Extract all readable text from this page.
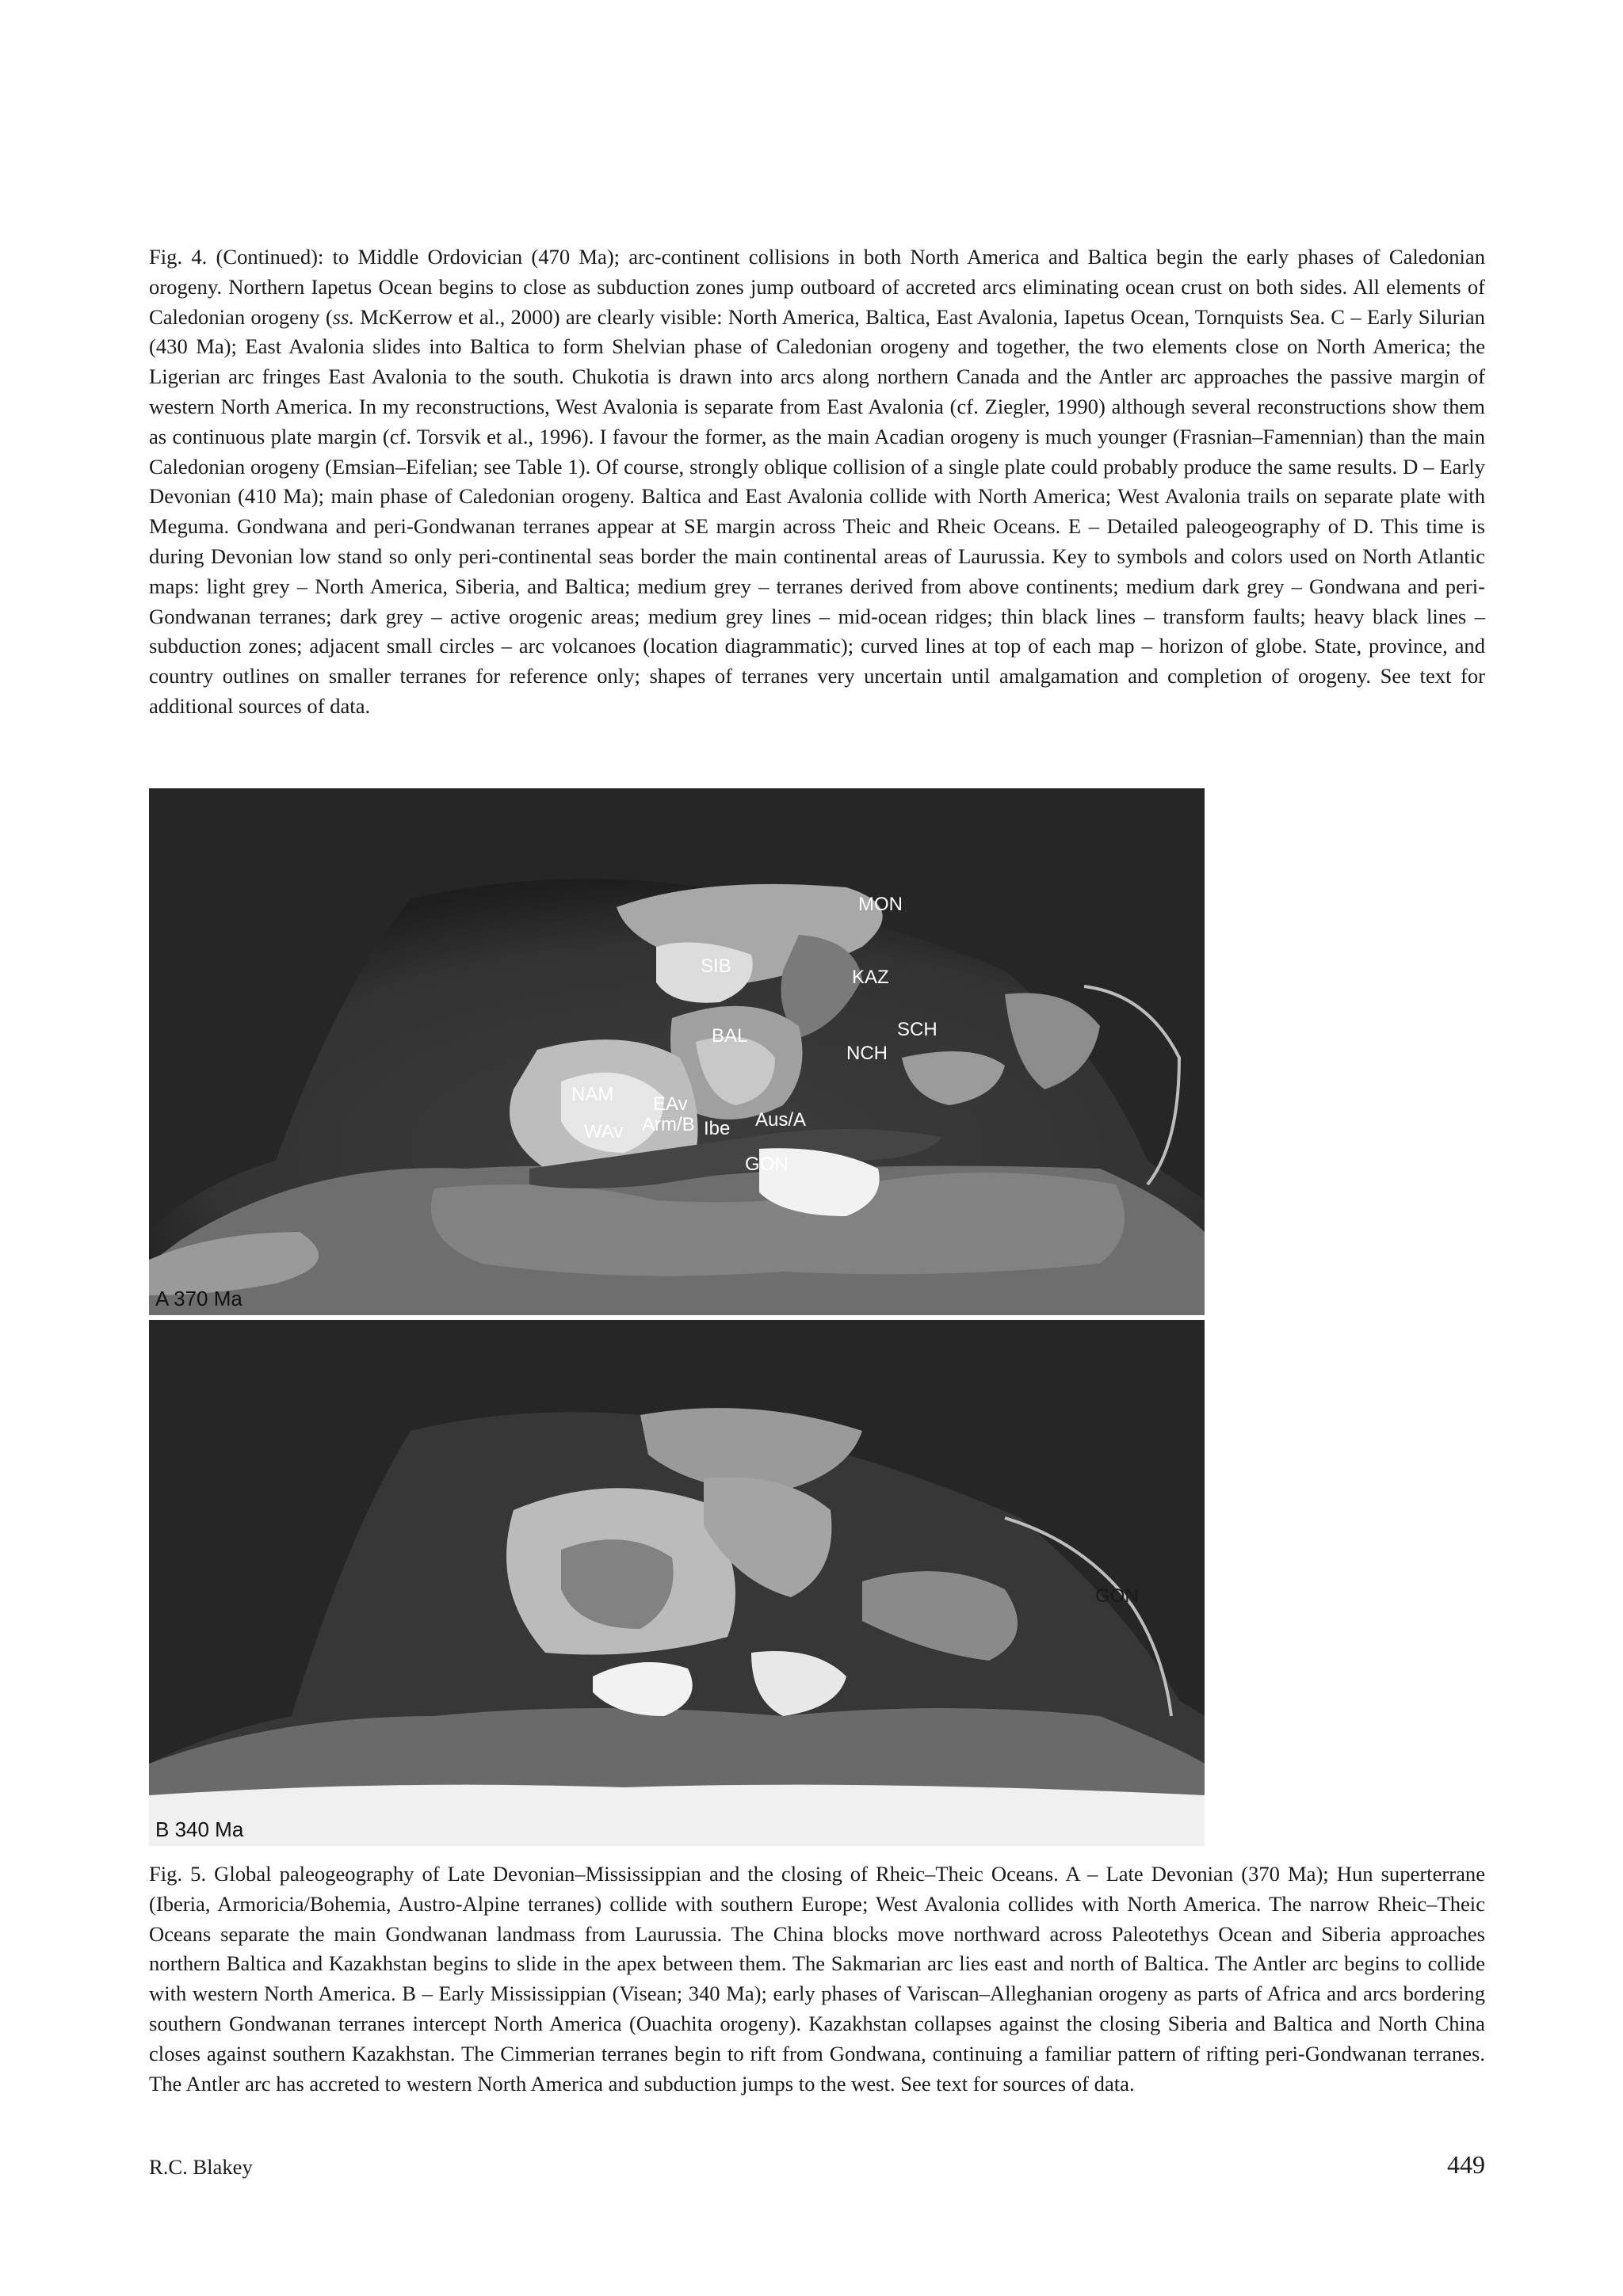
Fig. 4. (Continued): to Middle Ordovician (470 Ma); arc-continent collisions in both North America and Baltica begin the early phases of Caledonian orogeny. Northern Iapetus Ocean begins to close as subduction zones jump outboard of accreted arcs eliminating ocean crust on both sides. All elements of Caledonian orogeny (ss. McKerrow et al., 2000) are clearly visible: North America, Baltica, East Avalonia, Iapetus Ocean, Tornquists Sea. C – Early Silurian (430 Ma); East Avalonia slides into Baltica to form Shelvian phase of Caledonian orogeny and together, the two elements close on North America; the Ligerian arc fringes East Avalonia to the south. Chukotia is drawn into arcs along northern Canada and the Antler arc approaches the passive margin of western North America. In my reconstructions, West Avalonia is separate from East Avalonia (cf. Ziegler, 1990) although several reconstructions show them as continuous plate margin (cf. Torsvik et al., 1996). I favour the former, as the main Acadian orogeny is much younger (Frasnian–Famennian) than the main Caledonian orogeny (Emsian–Eifelian; see Table 1). Of course, strongly oblique collision of a single plate could probably produce the same results. D – Early Devonian (410 Ma); main phase of Caledonian orogeny. Baltica and East Avalonia collide with North America; West Avalonia trails on separate plate with Meguma. Gondwana and peri-Gondwanan terranes appear at SE margin across Theic and Rheic Oceans. E – Detailed paleogeography of D. This time is during Devonian low stand so only peri-continental seas border the main continental areas of Laurussia. Key to symbols and colors used on North Atlantic maps: light grey – North America, Siberia, and Baltica; medium grey – terranes derived from above continents; medium dark grey – Gondwana and peri-Gondwanan terranes; dark grey – active orogenic areas; medium grey lines – mid-ocean ridges; thin black lines – transform faults; heavy black lines – subduction zones; adjacent small circles – arc volcanoes (location diagrammatic); curved lines at top of each map – horizon of globe. State, province, and country outlines on smaller terranes for reference only; shapes of terranes very uncertain until amalgamation and completion of orogeny. See text for additional sources of data.

MON
SIB
KAZ
SCH
BAL
NCH
NAM EAv
Arm/B
WAv	Ibe Aus/A
GON
A 370 Ma
GON
B 340 Ma

Fig. 5. Global paleogeography of Late Devonian–Mississippian and the closing of Rheic–Theic Oceans. A – Late Devonian (370 Ma); Hun superterrane (Iberia, Armoricia/Bohemia, Austro-Alpine terranes) collide with southern Europe; West Avalonia collides with North America. The narrow Rheic–Theic Oceans separate the main Gondwanan landmass from Laurussia. The China blocks move northward across Paleotethys Ocean and Siberia approaches northern Baltica and Kazakhstan begins to slide in the apex between them. The Sakmarian arc lies east and north of Baltica. The Antler arc begins to collide with western North America. B – Early Mississippian (Visean; 340 Ma); early phases of Variscan–Alleghanian orogeny as parts of Africa and arcs bordering southern Gondwanan terranes intercept North America (Ouachita orogeny). Kazakhstan collapses against the closing Siberia and Baltica and North China closes against southern Kazakhstan. The Cimmerian terranes begin to rift from Gondwana, continuing a familiar pattern of rifting peri-Gondwanan terranes. The Antler arc has accreted to western North America and subduction jumps to the west. See text for sources of data.

R.C. Blakey	449
